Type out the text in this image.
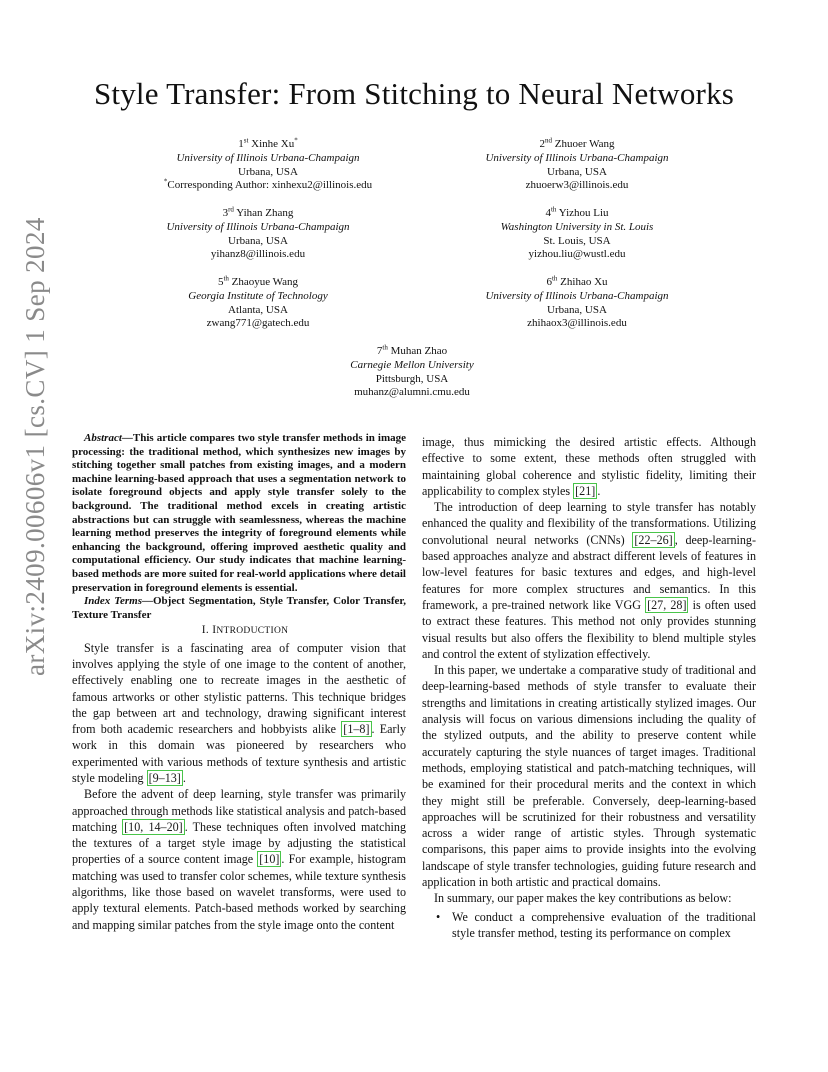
arXiv:2409.00606v1 [cs.CV] 1 Sep 2024
Style Transfer: From Stitching to Neural Networks
1st Xinhe Xu*
University of Illinois Urbana-Champaign
Urbana, USA
*Corresponding Author: xinhexu2@illinois.edu
2nd Zhuoer Wang
University of Illinois Urbana-Champaign
Urbana, USA
zhuoerw3@illinois.edu
3rd Yihan Zhang
University of Illinois Urbana-Champaign
Urbana, USA
yihanz8@illinois.edu
4th Yizhou Liu
Washington University in St. Louis
St. Louis, USA
yizhou.liu@wustl.edu
5th Zhaoyue Wang
Georgia Institute of Technology
Atlanta, USA
zwang771@gatech.edu
6th Zhihao Xu
University of Illinois Urbana-Champaign
Urbana, USA
zhihaox3@illinois.edu
7th Muhan Zhao
Carnegie Mellon University
Pittsburgh, USA
muhanz@alumni.cmu.edu

Abstract—This article compares two style transfer methods in image processing: the traditional method, which synthesizes new images by stitching together small patches from existing images, and a modern machine learning-based approach that uses a segmentation network to isolate foreground objects and apply style transfer solely to the background. The traditional method excels in creating artistic abstractions but can struggle with seamlessness, whereas the machine learning method preserves the integrity of foreground elements while enhancing the background, offering improved aesthetic quality and computational efficiency. Our study indicates that machine learning-based methods are more suited for real-world applications where detail preservation in foreground elements is essential.

Index Terms—Object Segmentation, Style Transfer, Color Transfer, Texture Transfer

I. INTRODUCTION

Style transfer is a fascinating area of computer vision that involves applying the style of one image to the content of another, effectively enabling one to recreate images in the aesthetic of famous artworks or other stylistic patterns. This technique bridges the gap between art and technology, drawing significant interest from both academic researchers and hobbyists alike [1–8] . Early work in this domain was pioneered by researchers who experimented with various methods of texture synthesis and artistic style modeling [9–13] .

Before the advent of deep learning, style transfer was primarily approached through methods like statistical analysis and patch-based matching [10, 14–20] . These techniques often involved matching the textures of a target style image by adjusting the statistical properties of a source content image [10] . For example, histogram matching was used to transfer color schemes, while texture synthesis algorithms, like those based on wavelet transforms, were used to apply textural elements. Patch-based methods worked by searching and mapping similar patches from the style image onto the content

image, thus mimicking the desired artistic effects. Although effective to some extent, these methods often struggled with maintaining global coherence and stylistic fidelity, limiting their applicability to complex styles [21] .

The introduction of deep learning to style transfer has notably enhanced the quality and flexibility of the transformations. Utilizing convolutional neural networks (CNNs) [22–26] , deep-learning-based approaches analyze and abstract different levels of features in low-level features for basic textures and edges, and high-level features for more complex structures and semantics. In this framework, a pre-trained network like VGG [27, 28] is often used to extract these features. This method not only provides stunning visual results but also offers the flexibility to blend multiple styles and control the extent of stylization effectively.

In this paper, we undertake a comparative study of traditional and deep-learning-based methods of style transfer to evaluate their strengths and limitations in creating artistically stylized images. Our analysis will focus on various dimensions including the quality of the stylized outputs, and the ability to preserve content while accurately capturing the style nuances of target images. Traditional methods, employing statistical and patch-matching techniques, will be examined for their procedural merits and the context in which they might still be preferable. Conversely, deep-learning-based approaches will be scrutinized for their robustness and versatility across a wider range of artistic styles. Through systematic comparisons, this paper aims to provide insights into the evolving landscape of style transfer technologies, guiding future research and application in both artistic and practical domains.

In summary, our paper makes the key contributions as below:

• We conduct a comprehensive evaluation of the traditional style transfer method, testing its performance on complex
